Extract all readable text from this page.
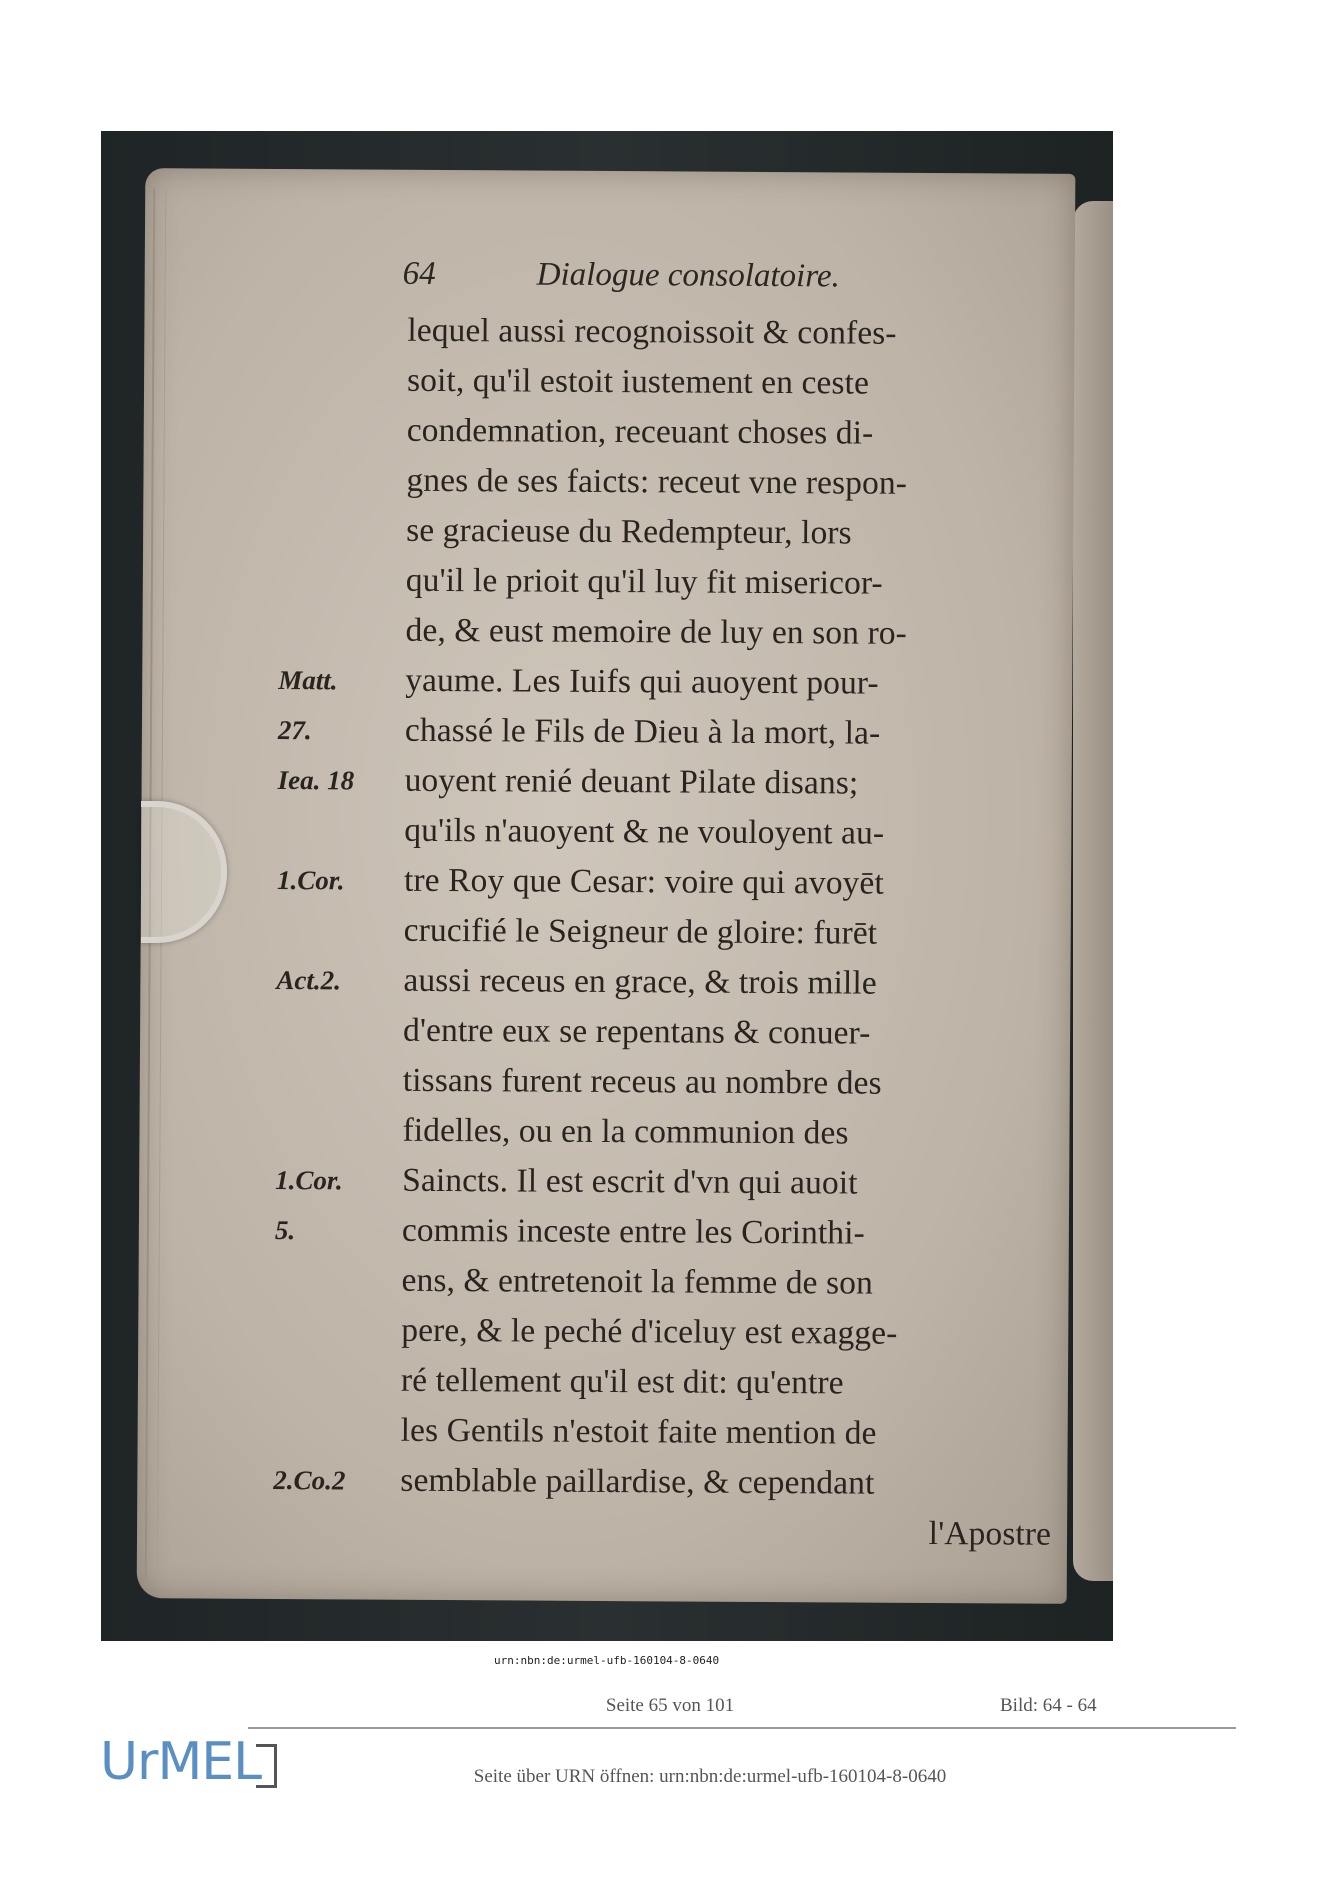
64	Dialogue consolatoire.
lequel aussi recognoissoit & confes-
soit, qu'il estoit iustement en ceste
condemnation, receuant choses di-
gnes de ses faicts: receut vne respon-
se gracieuse du Redempteur, lors
qu'il le prioit qu'il luy fit misericor-
de, & eust memoire de luy en son ro-
yaume. Les Iuifs qui auoyent pour-
chassé le Fils de Dieu à la mort, la-
uoyent renié deuant Pilate disans;
qu'ils n'auoyent & ne vouloyent au-
tre Roy que Cesar: voire qui avoyēt
crucifié le Seigneur de gloire: furēt
aussi receus en grace, & trois mille
d'entre eux se repentans & conuer-
tissans furent receus au nombre des
fidelles, ou en la communion des
Saincts. Il est escrit d'vn qui auoit
commis inceste entre les Corinthi-
ens, & entretenoit la femme de son
pere, & le peché d'iceluy est exagge-
ré tellement qu'il est dit: qu'entre
les Gentils n'estoit faite mention de
semblable paillardise, & cependant
l'Apostre
Matt.
27.
Iea. 18
1.Cor.
Act.2.
1.Cor.
5.
2.Co.2
urn:nbn:de:urmel-ufb-160104-8-0640
Seite 65 von 101	Bild: 64 - 64
UrMEL	Seite über URN öffnen: urn:nbn:de:urmel-ufb-160104-8-0640
